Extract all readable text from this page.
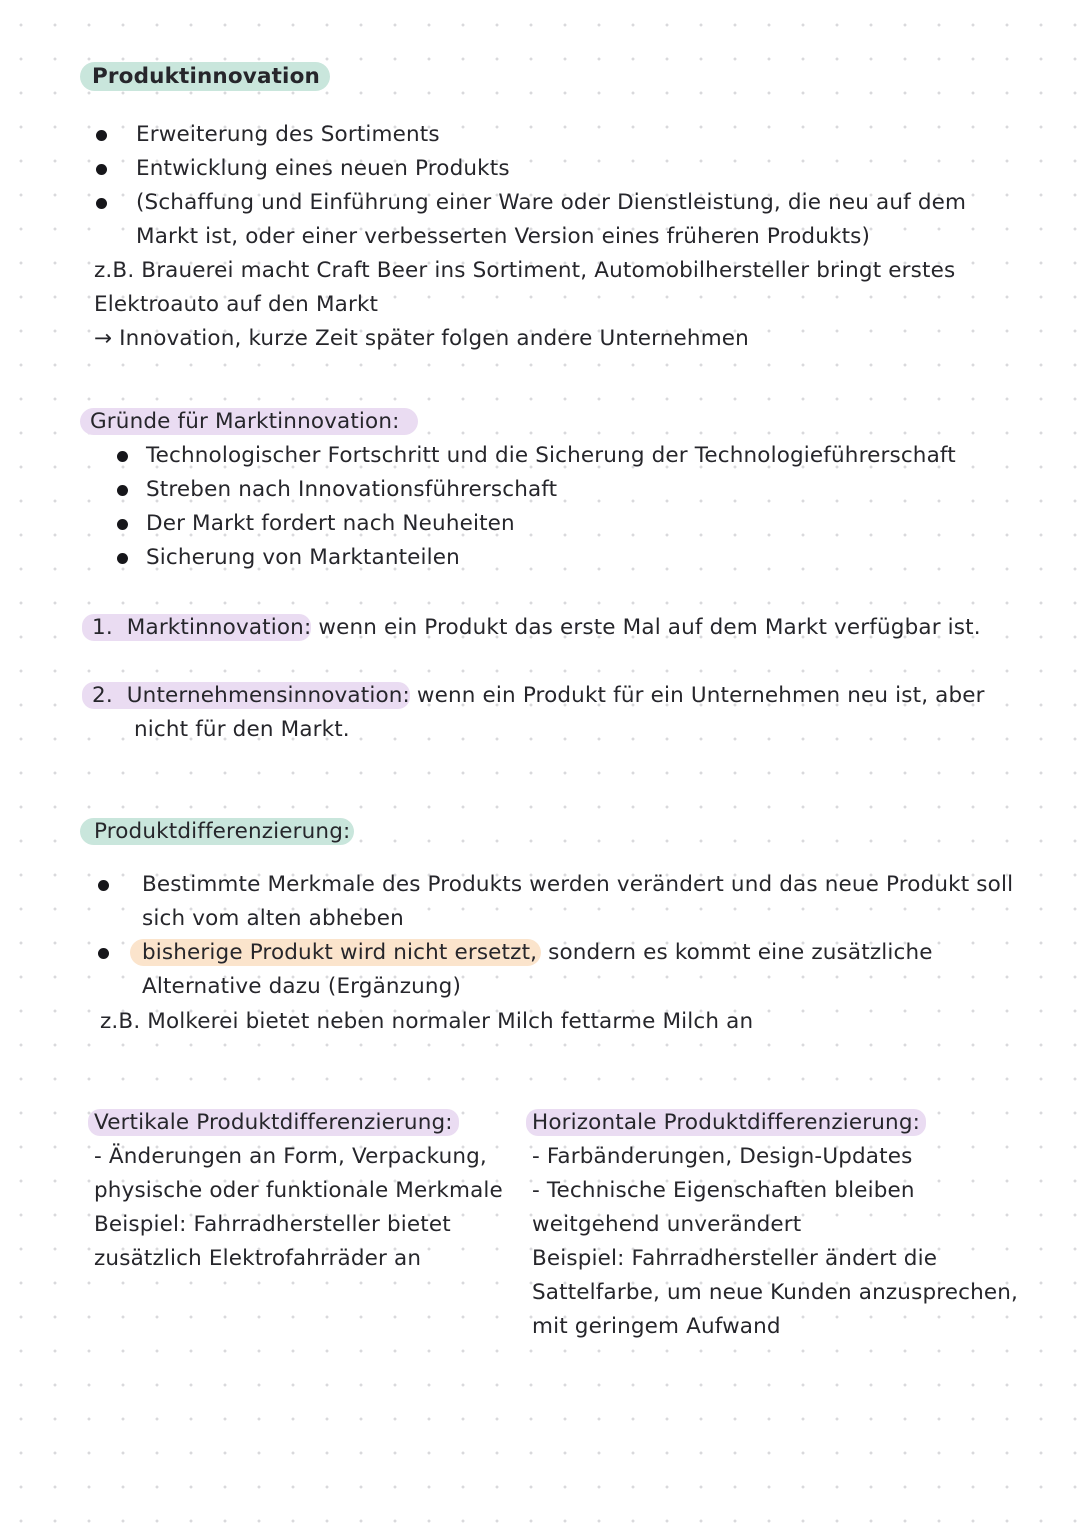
Produktinnovation
Erweiterung des Sortiments
Entwicklung eines neuen Produkts
(Schaffung und Einführung einer Ware oder Dienstleistung, die neu auf dem
Markt ist, oder einer verbesserten Version eines früheren Produkts)
z.B. Brauerei macht Craft Beer ins Sortiment, Automobilhersteller bringt erstes
Elektroauto auf den Markt
→ Innovation, kurze Zeit später folgen andere Unternehmen
Gründe für Marktinnovation:
Technologischer Fortschritt und die Sicherung der Technologieführerschaft
Streben nach Innovationsführerschaft
Der Markt fordert nach Neuheiten
Sicherung von Marktanteilen
1. Marktinnovation: wenn ein Produkt das erste Mal auf dem Markt verfügbar ist.
2. Unternehmensinnovation: wenn ein Produkt für ein Unternehmen neu ist, aber
nicht für den Markt.
Produktdifferenzierung:
Bestimmte Merkmale des Produkts werden verändert und das neue Produkt soll
sich vom alten abheben
bisherige Produkt wird nicht ersetzt, sondern es kommt eine zusätzliche
Alternative dazu (Ergänzung)
z.B. Molkerei bietet neben normaler Milch fettarme Milch an
Vertikale Produktdifferenzierung:
- Änderungen an Form, Verpackung,
physische oder funktionale Merkmale
Beispiel: Fahrradhersteller bietet
zusätzlich Elektrofahrräder an
Horizontale Produktdifferenzierung:
- Farbänderungen, Design-Updates
- Technische Eigenschaften bleiben
weitgehend unverändert
Beispiel: Fahrradhersteller ändert die
Sattelfarbe, um neue Kunden anzusprechen,
mit geringem Aufwand
